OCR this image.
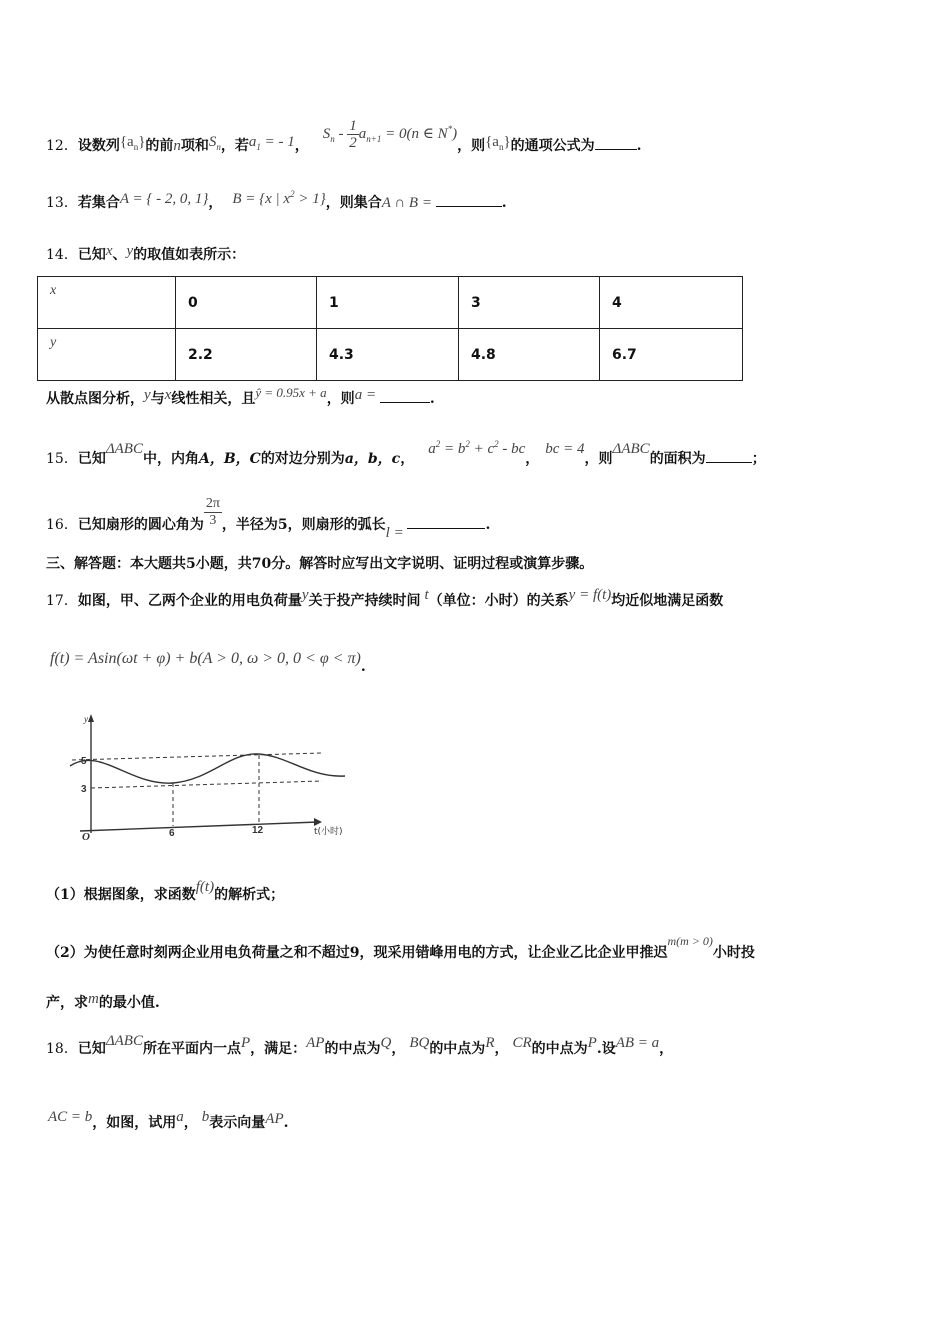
12．设数列$\{a_n\}$的前n项和$S_n$，若$a_1$ = - 1，$S_n - \frac{1}{2} a_{n+1} = 0(n$ ∈ N*)，则$\{a_n\}$的通项公式为	.
13．若集合A = { - 2, 0, 1}， B = {x | $x^2 > 1$}，则集合A ∩ B =	.
14．已知x、y的取值如表所示：
x	0	1	3	4
y	2.2	4.3	4.8	6.7
从散点图分析，y与x线性相关，且ŷ = 0.95x + a，则a =	.
15．已知ΔABC中，内角A，B，C的对边分别为a，b，c，$a^2 = b^2 + c^2$ - bc，bc = 4，则ΔABC的面积为	；
16．已知扇形的圆心角为 $\frac{2\pi}{3}$ ，半径为5，则扇形的弧长l =	.
三、解答题：本大题共5小题，共70分。解答时应写出文字说明、证明过程或演算步骤。
17．如图，甲、乙两个企业的用电负荷量y关于投产持续时间 t（单位：小时）的关系y = f(t)均近似地满足函数
f(t) = Asin(ωt + φ) + b(A > 0, ω > 0, 0 < φ < π).
y
5
3
O	6	12	t(小时)
（1）根据图象，求函数f(t)的解析式；
（2）为使任意时刻两企业用电负荷量之和不超过9，现采用错峰用电的方式，让企业乙比企业甲推迟m(m > 0)小时投
产，求m的最小值.
18．已知ΔABC所在平面内一点P，满足：AP的中点为Q， BQ的中点为R， CR的中点为P.设AB = a，
AC = b，如图，试用a， b表示向量AP.
